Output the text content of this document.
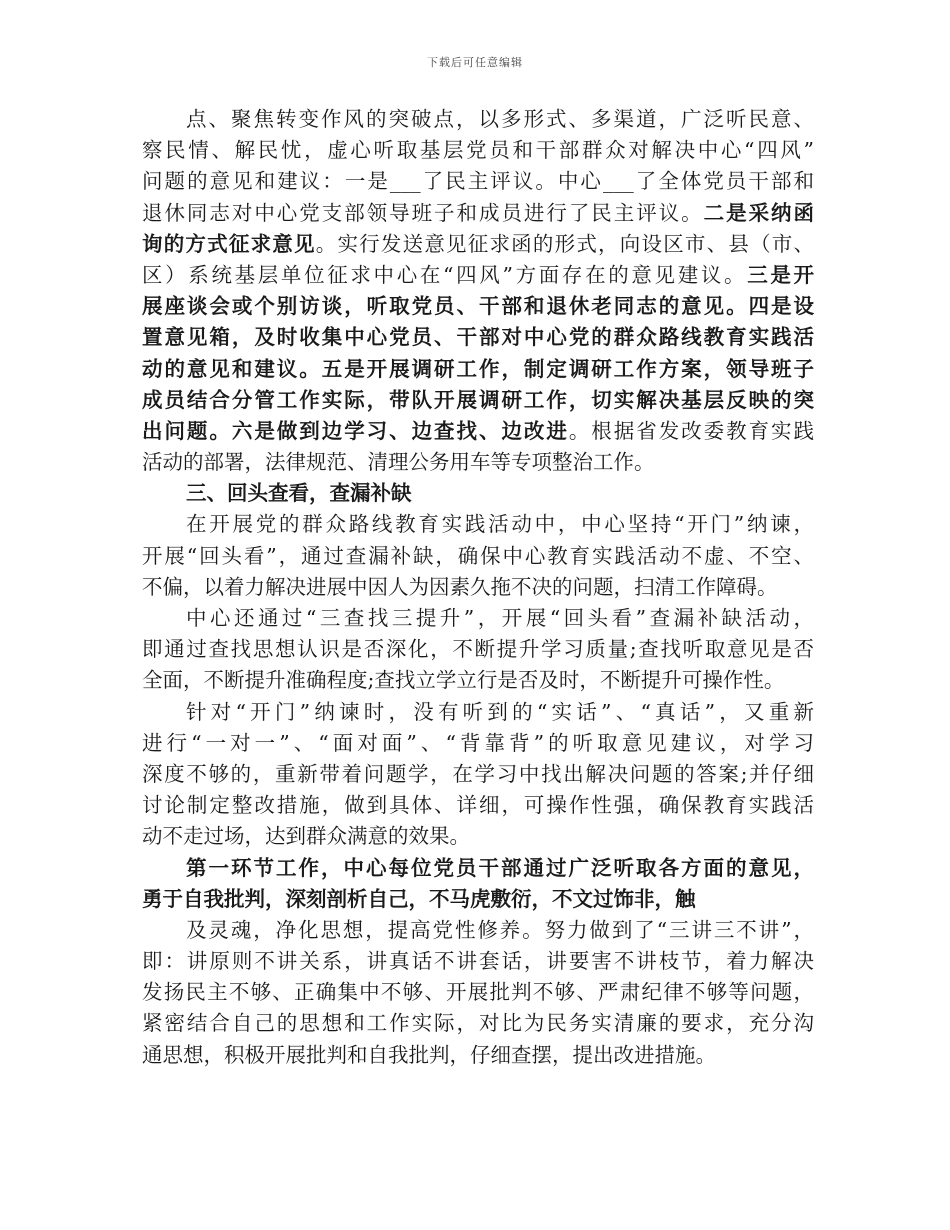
下载后可任意编辑
点、聚焦转变作风的突破点，以多形式、多渠道，广泛听民意、
察民情、解民忧，虚心听取基层党员和干部群众对解决中心“四风”
问题的意见和建议：一是___了民主评议。中心___了全体党员干部和
退休同志对中心党支部领导班子和成员进行了民主评议。二是采纳函
询的方式征求意见。实行发送意见征求函的形式，向设区市、县（市、
区）系统基层单位征求中心在“四风”方面存在的意见建议。三是开
展座谈会或个别访谈，听取党员、干部和退休老同志的意见。四是设
置意见箱，及时收集中心党员、干部对中心党的群众路线教育实践活
动的意见和建议。五是开展调研工作，制定调研工作方案，领导班子
成员结合分管工作实际，带队开展调研工作，切实解决基层反映的突
出问题。六是做到边学习、边查找、边改进。根据省发改委教育实践
活动的部署，法律规范、清理公务用车等专项整治工作。
三、回头查看，查漏补缺
在开展党的群众路线教育实践活动中，中心坚持“开门”纳谏，
开展“回头看”，通过查漏补缺，确保中心教育实践活动不虚、不空、
不偏，以着力解决进展中因人为因素久拖不决的问题，扫清工作障碍。
中心还通过“三查找三提升”，开展“回头看”查漏补缺活动，
即通过查找思想认识是否深化，不断提升学习质量;查找听取意见是否
全面，不断提升准确程度;查找立学立行是否及时，不断提升可操作性。
针对“开门”纳谏时，没有听到的“实话”、“真话”，又重新
进行“一对一”、“面对面”、“背靠背”的听取意见建议，对学习
深度不够的，重新带着问题学，在学习中找出解决问题的答案;并仔细
讨论制定整改措施，做到具体、详细，可操作性强，确保教育实践活
动不走过场，达到群众满意的效果。
第一环节工作，中心每位党员干部通过广泛听取各方面的意见，
勇于自我批判，深刻剖析自己，不马虎敷衍，不文过饰非，触
及灵魂，净化思想，提高党性修养。努力做到了“三讲三不讲”，
即：讲原则不讲关系，讲真话不讲套话，讲要害不讲枝节，着力解决
发扬民主不够、正确集中不够、开展批判不够、严肃纪律不够等问题，
紧密结合自己的思想和工作实际，对比为民务实清廉的要求，充分沟
通思想，积极开展批判和自我批判，仔细查摆，提出改进措施。
